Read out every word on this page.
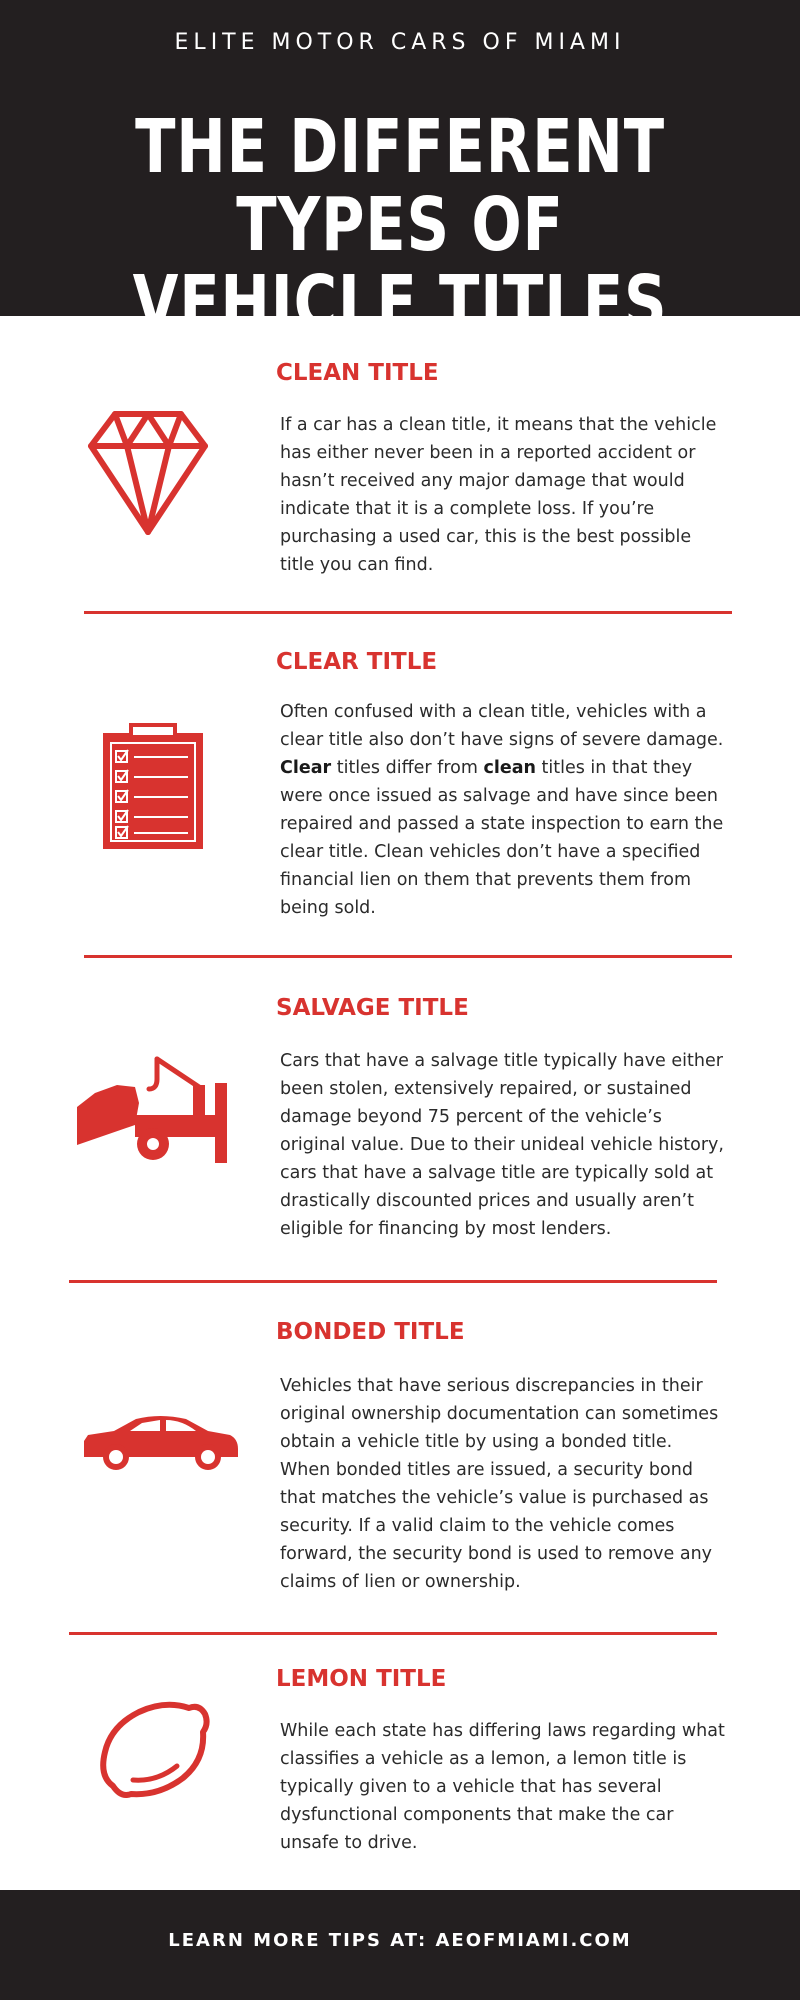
ELITE MOTOR CARS OF MIAMI
THE DIFFERENT TYPES OF
VEHICLE TITLES
CLEAN TITLE

If a car has a clean title, it means that the vehicle has either never been in a reported accident or hasn’t received any major damage that would indicate that it is a complete loss. If you’re purchasing a used car, this is the best possible title you can find.

CLEAR TITLE

Often confused with a clean title, vehicles with a clear title also don’t have signs of severe damage. Clear titles differ from clean titles in that they were once issued as salvage and have since been repaired and passed a state inspection to earn the clear title. Clean vehicles don’t have a specified financial lien on them that prevents them from being sold.

SALVAGE TITLE

Cars that have a salvage title typically have either been stolen, extensively repaired, or sustained damage beyond 75 percent of the vehicle’s original value. Due to their unideal vehicle history, cars that have a salvage title are typically sold at drastically discounted prices and usually aren’t eligible for financing by most lenders.

BONDED TITLE

Vehicles that have serious discrepancies in their original ownership documentation can sometimes obtain a vehicle title by using a bonded title. When bonded titles are issued, a security bond that matches the vehicle’s value is purchased as security. If a valid claim to the vehicle comes forward, the security bond is used to remove any claims of lien or ownership.

LEMON TITLE

While each state has differing laws regarding what classifies a vehicle as a lemon, a lemon title is typically given to a vehicle that has several dysfunctional components that make the car unsafe to drive.

LEARN MORE TIPS AT: AEOFMIAMI.COM
